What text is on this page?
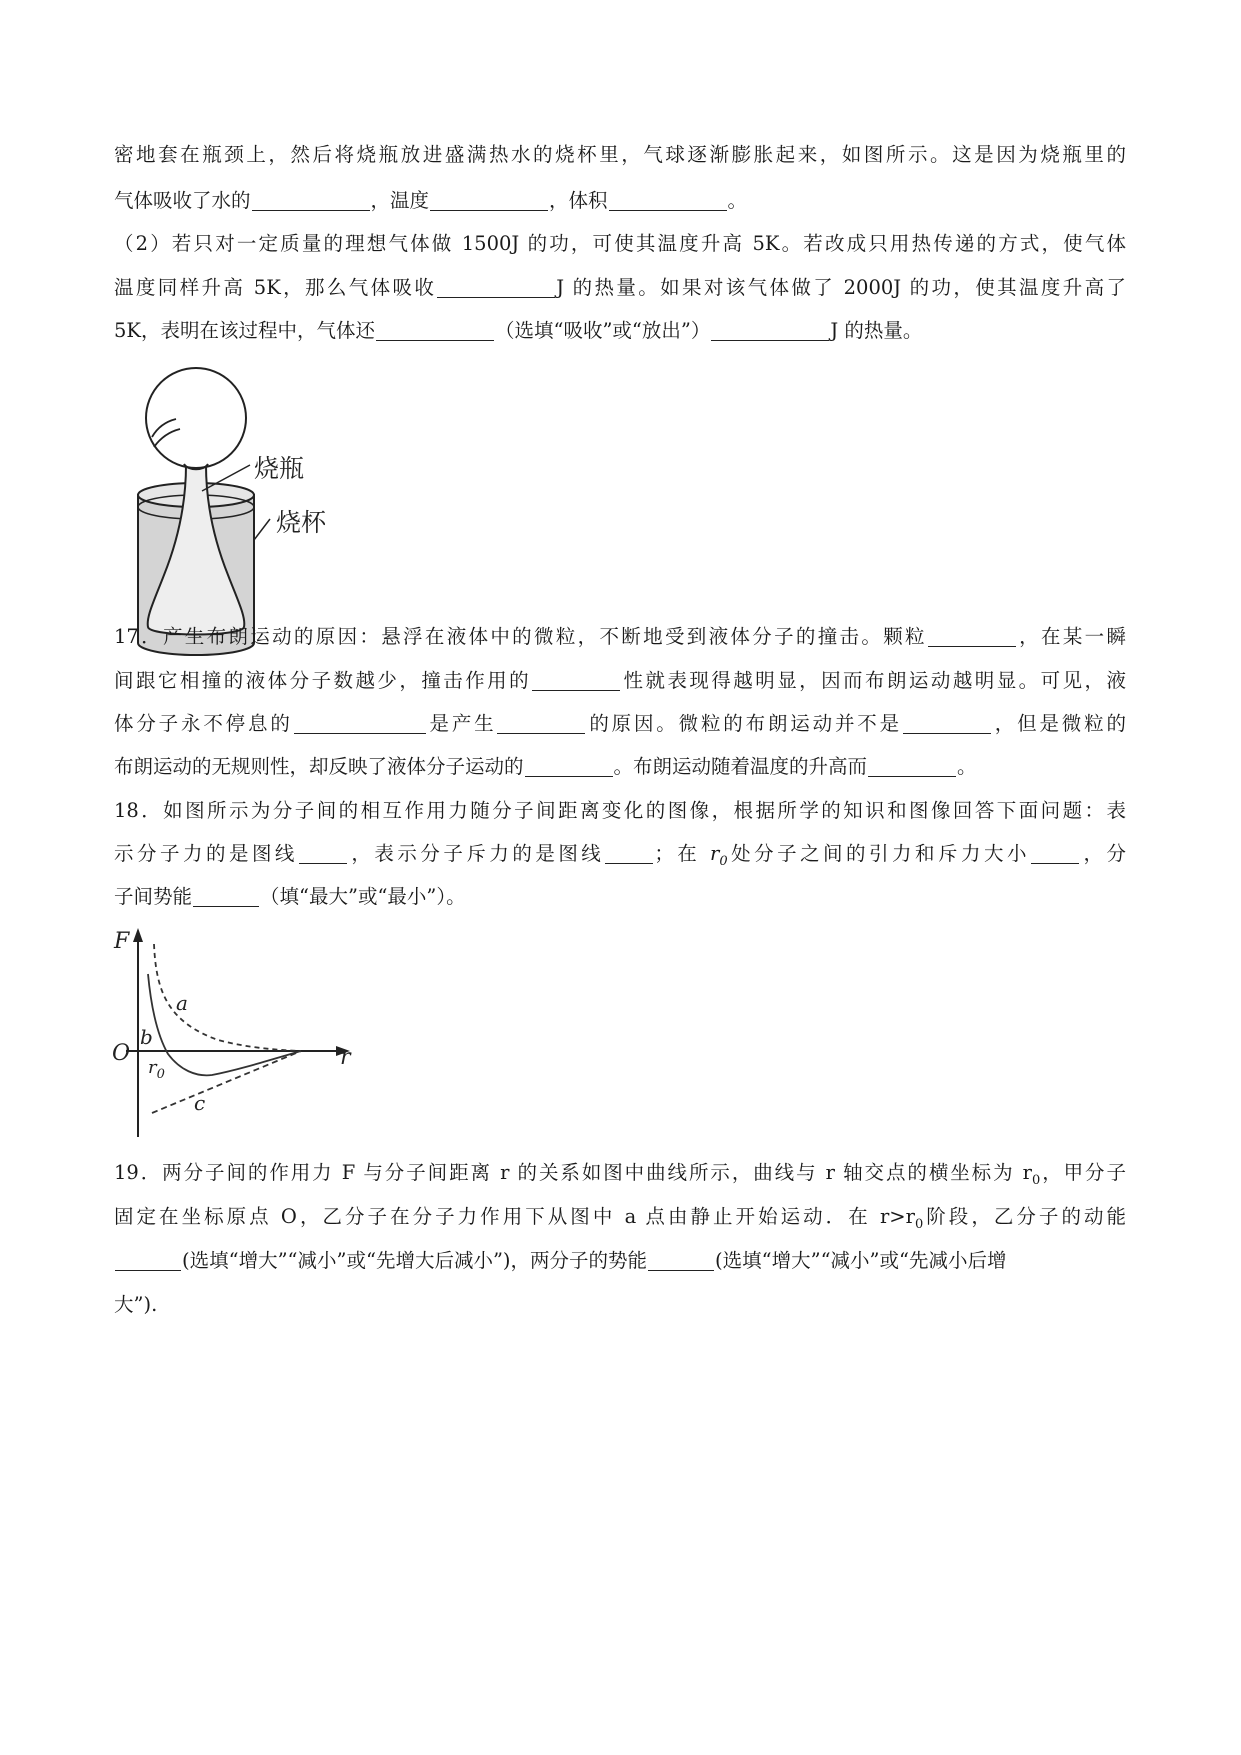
密地套在瓶颈上，然后将烧瓶放进盛满热水的烧杯里，气球逐渐膨胀起来，如图所示。这是因为烧瓶里的
气体吸收了水的	，温度	，体积	。
（2）若只对一定质量的理想气体做 1500J 的功，可使其温度升高 5K。若改成只用热传递的方式，使气体
温度同样升高 5K，那么气体吸收	J 的热量。如果对该气体做了 2000J 的功，使其温度升高了
5K，表明在该过程中，气体还	（选填“吸收”或“放出”）	J 的热量。
烧瓶
烧杯
17．产生布朗运动的原因：悬浮在液体中的微粒，不断地受到液体分子的撞击。颗粒	，在某一瞬
间跟它相撞的液体分子数越少，撞击作用的	性就表现得越明显，因而布朗运动越明显。可见，液
体分子永不停息的	是产生	的原因。微粒的布朗运动并不是	，但是微粒的
布朗运动的无规则性，却反映了液体分子运动的	。布朗运动随着温度的升高而	。
18．如图所示为分子间的相互作用力随分子间距离变化的图像，根据所学的知识和图像回答下面问题：表
示分子力的是图线	，表示分子斥力的是图线	；在 $r_0$处分子之间的引力和斥力大小	，分
子间势能	（填“最大”或“最小”）。
F
O	r
a
b
c
$r_0$
19．两分子间的作用力 F 与分子间距离 r 的关系如图中曲线所示，曲线与 r 轴交点的横坐标为 $r_0$，甲分子
固定在坐标原点 O，乙分子在分子力作用下从图中 a 点由静止开始运动．在 $r>r_0$阶段，乙分子的动能
(选填“增大”“减小”或“先增大后减小”)，两分子的势能	(选填“增大”“减小”或“先减小后增
大”).
